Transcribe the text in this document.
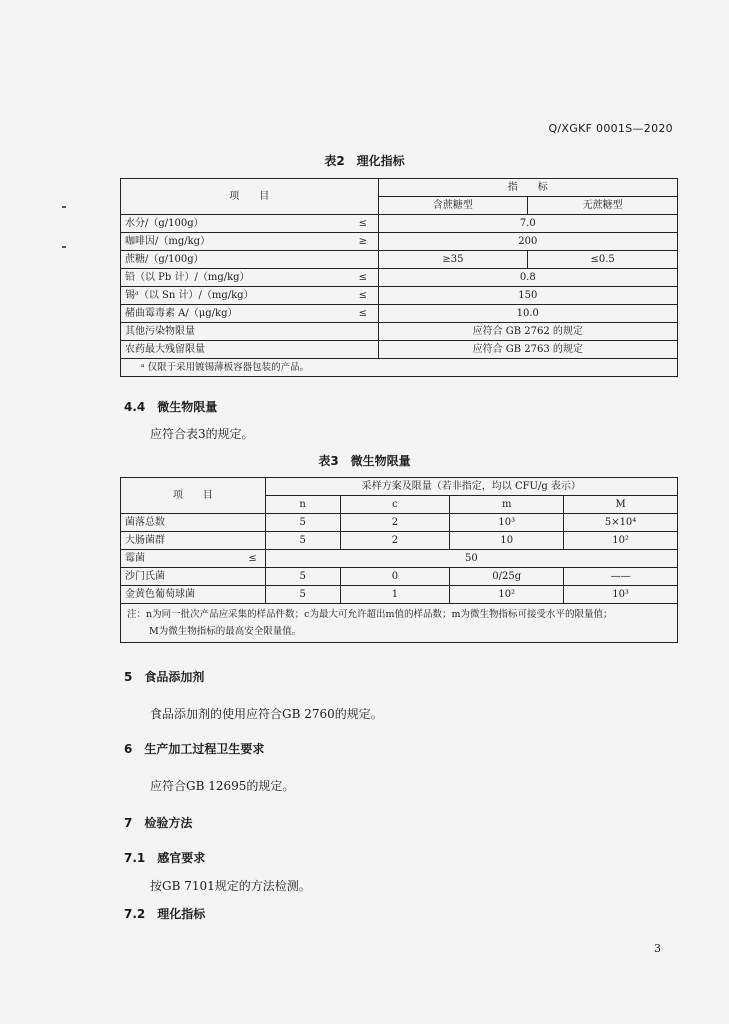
Q/XGKF 0001S—2020
表2　理化指标
项　　目		指　　标	
		含蔗糖型	无蔗糖型
水分/（g/100g）	≤	7.0	
咖啡因/（mg/kg）	≥	200	
蔗糖/（g/100g）		≥35	≤0.5
铅（以 Pb 计）/（mg/kg）	≤	0.8	
锡ᵃ（以 Sn 计）/（mg/kg）	≤	150	
赭曲霉毒素 A/（μg/kg）	≤	10.0	
其他污染物限量		应符合 GB 2762 的规定	
农药最大残留限量		应符合 GB 2763 的规定	
ᵃ 仅限于采用镀锡薄板容器包装的产品。			
4.4　微生物限量
应符合表3的规定。
表3　微生物限量
项　　目		采样方案及限量（若非指定，均以 CFU/g 表示）			
		n	c	m	M
菌落总数		5	2	10³	5×10⁴
大肠菌群		5	2	10	10²
霉菌	≤	50			
沙门氏菌		5	0	0/25g	——
金黄色葡萄球菌		5	1	10²	10³

注：n为同一批次产品应采集的样品件数；c为最大可允许超出m值的样品数；m为微生物指标可接受水平的限量值；
M为微生物指标的最高安全限量值。					
5　食品添加剂
食品添加剂的使用应符合GB 2760的规定。
6　生产加工过程卫生要求
应符合GB 12695的规定。
7　检验方法
7.1　感官要求
按GB 7101规定的方法检测。
7.2　理化指标
3
